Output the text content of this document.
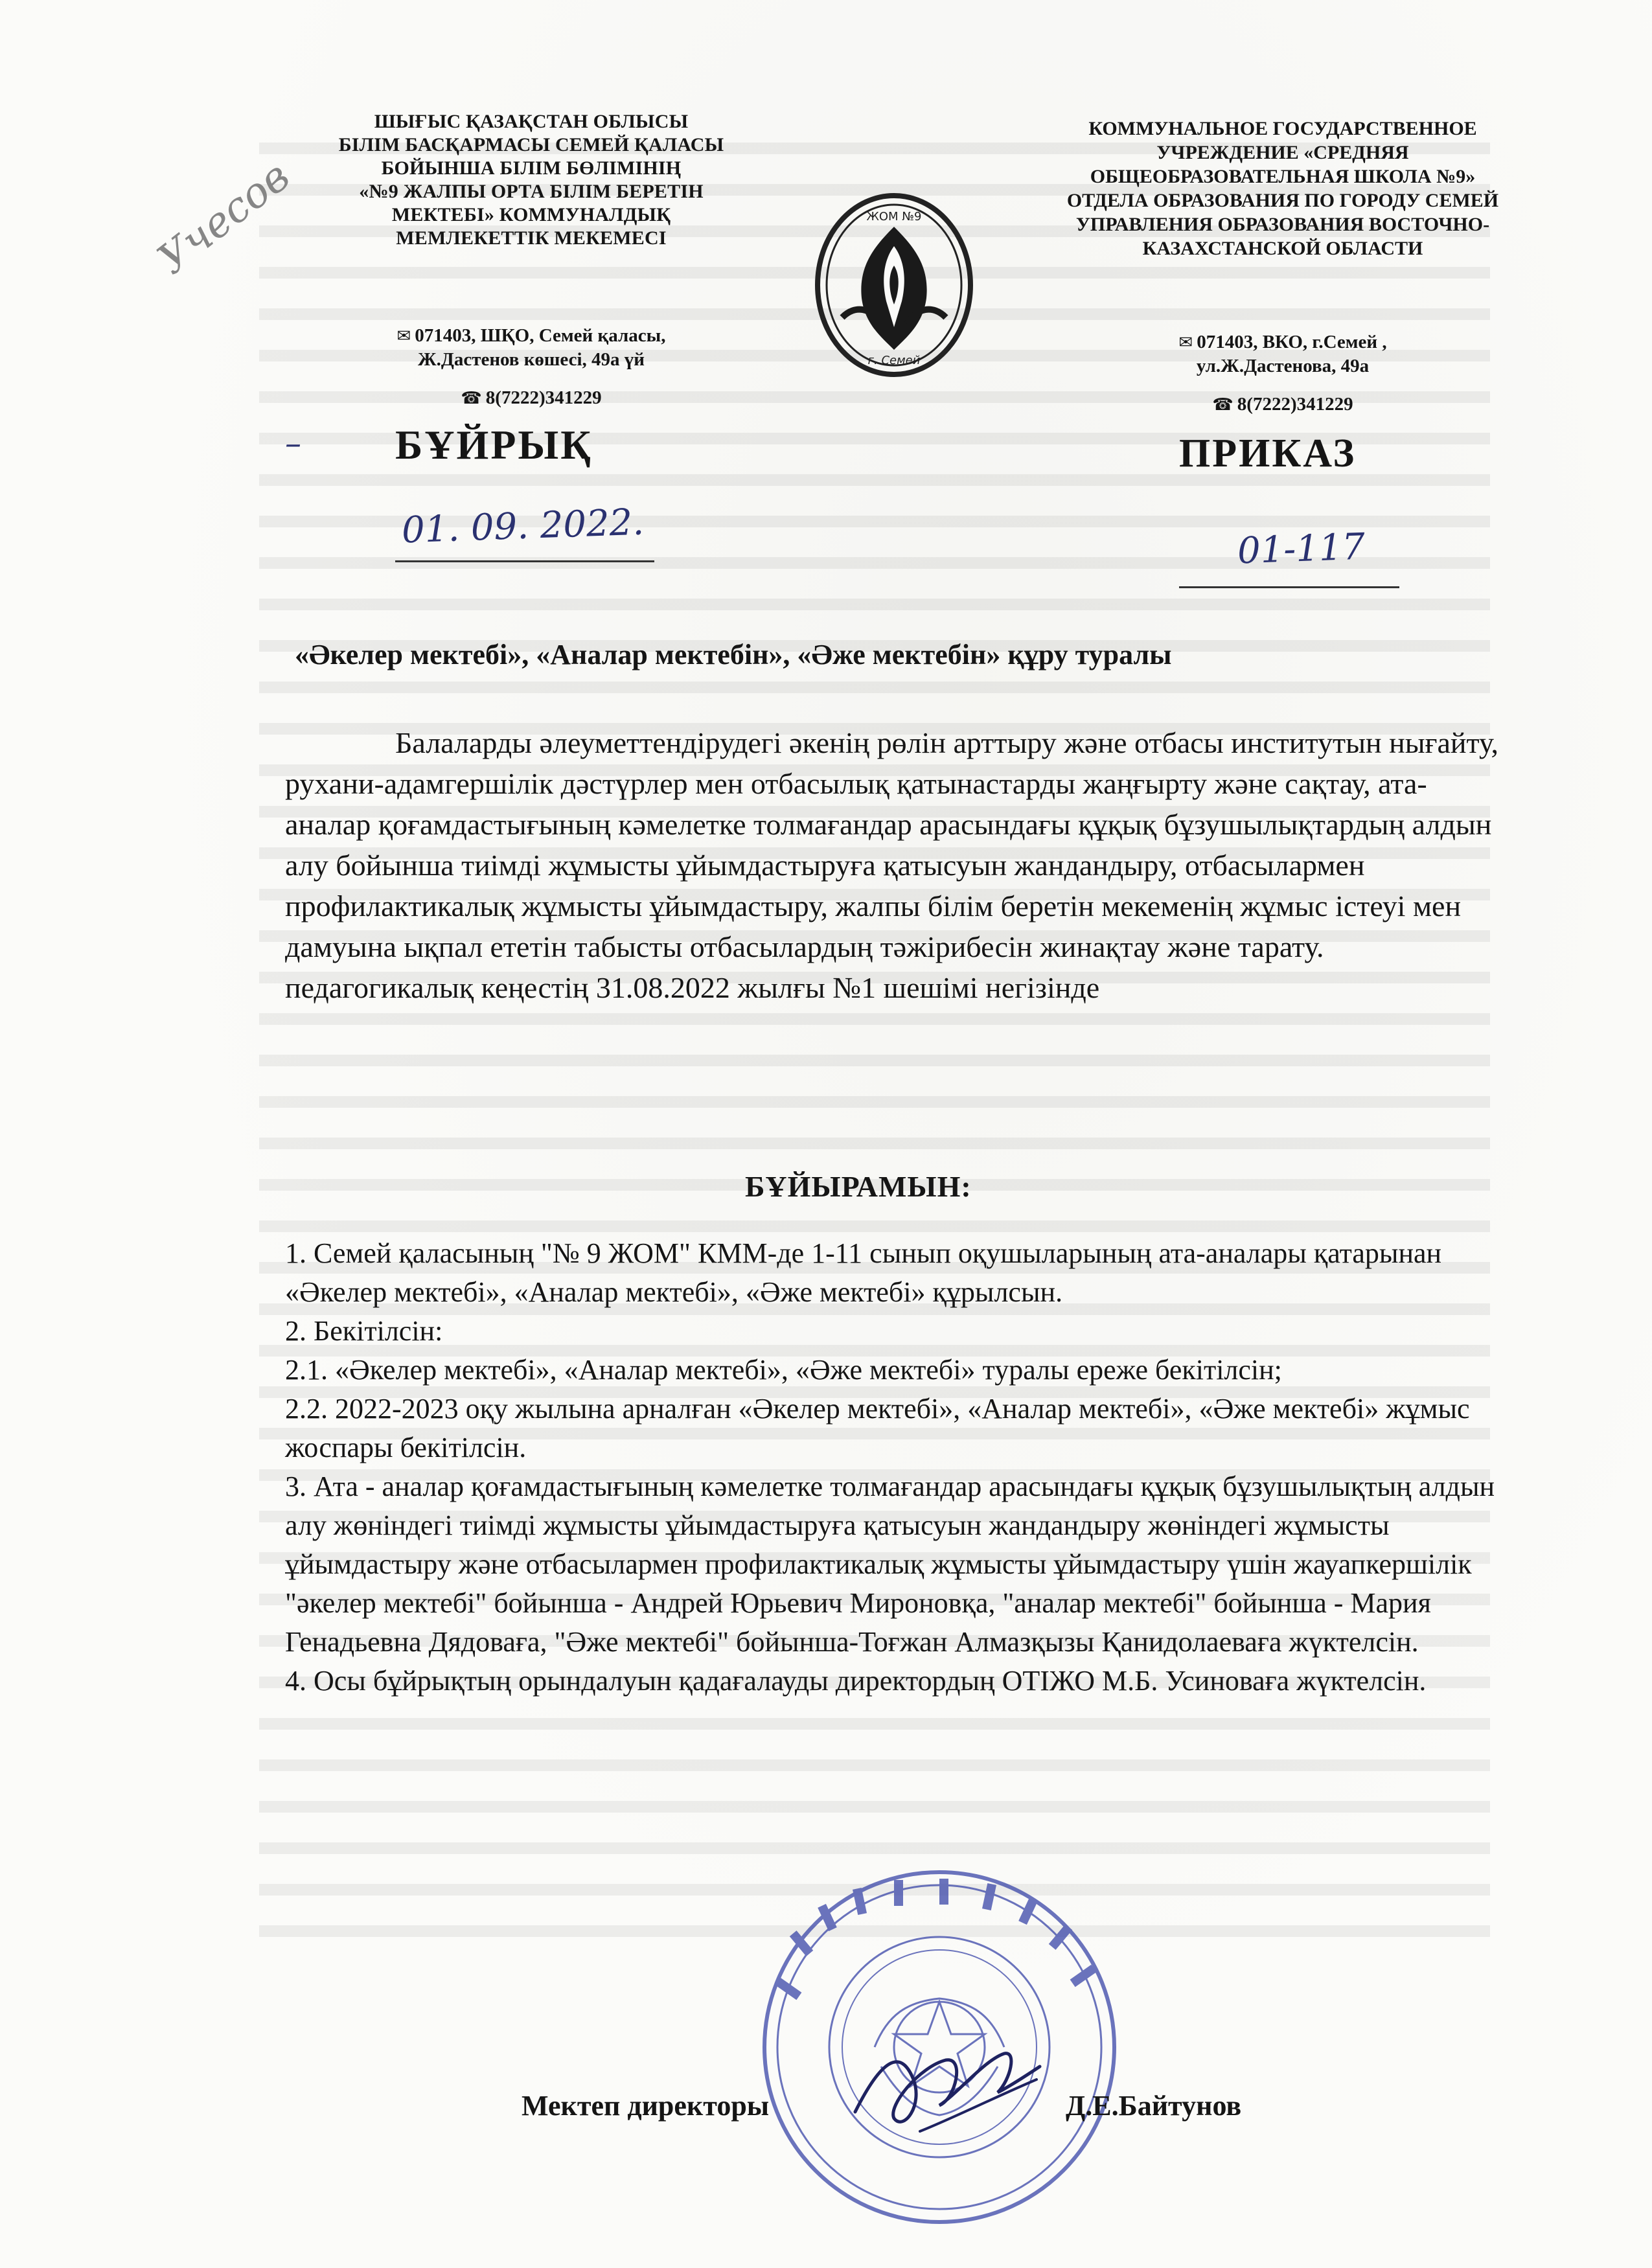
Учесов
ШЫҒЫС ҚАЗАҚСТАН ОБЛЫСЫ
БІЛІМ БАСҚАРМАСЫ СЕМЕЙ ҚАЛАСЫ
БОЙЫНША БІЛІМ БӨЛІМІНІҢ
«№9 ЖАЛПЫ ОРТА БІЛІМ БЕРЕТІН
МЕКТЕБІ» КОММУНАЛДЫҚ
МЕМЛЕКЕТТІК МЕКЕМЕСІ
КОММУНАЛЬНОЕ ГОСУДАРСТВЕННОЕ
УЧРЕЖДЕНИЕ «СРЕДНЯЯ
ОБЩЕОБРАЗОВАТЕЛЬНАЯ ШКОЛА №9»
ОТДЕЛА ОБРАЗОВАНИЯ ПО ГОРОДУ СЕМЕЙ
УПРАВЛЕНИЯ ОБРАЗОВАНИЯ ВОСТОЧНО-
КАЗАХСТАНСКОЙ ОБЛАСТИ
✉ 071403, ШҚО, Семей қаласы,
Ж.Дастенов көшесі, 49а үй
☎ 8(7222)341229
✉ 071403, ВКО, г.Семей ,
ул.Ж.Дастенова, 49а
☎ 8(7222)341229
ЖОМ №9
г. Семей
– БҰЙРЫҚ	ПРИКАЗ
01. 09. 2022.	01-117
«Әкелер мектебі», «Аналар мектебін», «Әже мектебін» құру туралы
Балаларды әлеуметтендірудегі әкенің рөлін арттыру және отбасы институтын нығайту, рухани-адамгершілік дәстүрлер мен отбасылық қатынастарды жаңғырту және сақтау, ата-аналар қоғамдастығының кәмелетке толмағандар арасындағы құқық бұзушылықтардың алдын алу бойынша тиімді жұмысты ұйымдастыруға қатысуын жандандыру, отбасылармен профилактикалық жұмысты ұйымдастыру, жалпы білім беретін мекеменің жұмыс істеуі мен дамуына ықпал ететін табысты отбасылардың тәжірибесін жинақтау және тарату. педагогикалық кеңестің 31.08.2022 жылғы №1 шешімі негізінде
БҰЙЫРАМЫН:

1. Семей қаласының "№ 9 ЖОМ" КММ-де 1-11 сынып оқушыларының ата-аналары қатарынан «Әкелер мектебі», «Аналар мектебі», «Әже мектебі» құрылсын.

2. Бекітілсін:

2.1. «Әкелер мектебі», «Аналар мектебі», «Әже мектебі» туралы ереже бекітілсін;

2.2. 2022-2023 оқу жылына арналған «Әкелер мектебі», «Аналар мектебі», «Әже мектебі» жұмыс жоспары бекітілсін.

3. Ата - аналар қоғамдастығының кәмелетке толмағандар арасындағы құқық бұзушылықтың алдын алу жөніндегі тиімді жұмысты ұйымдастыруға қатысуын жандандыру жөніндегі жұмысты ұйымдастыру және отбасылармен профилактикалық жұмысты ұйымдастыру үшін жауапкершілік "әкелер мектебі" бойынша - Андрей Юрьевич Мироновқа, "аналар мектебі" бойынша - Мария Генадьевна Дядоваға, "Әже мектебі" бойынша-Тоғжан Алмазқызы Қанидолаеваға жүктелсін.

4. Осы бұйрықтың орындалуын қадағалауды директордың ОТІЖО М.Б. Усиноваға жүктелсін.

Мектеп директоры	Д.Е.Байтунов
